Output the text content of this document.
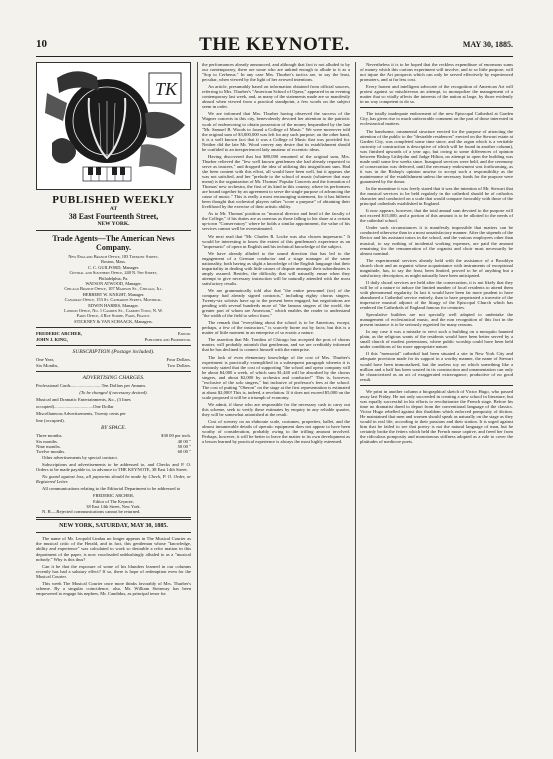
10	THE KEYNOTE.	MAY 30, 1885.
TK
PUBLISHED WEEKLY
AT
38 East Fourteenth Street,
NEW YORK.
Trade Agents—The American News Company.
New England Branch Office, 183 Tremont Street,
Boston, Mass.
C. C. GUILFORD, Manager.
Central and Southern Office, 240 N. 9th Street,
Philadelphia, Pa.
WATSON ATWOOD, Manager.
Chicago Branch Office, 107 Madison St., Chicago, Ill.
HERBERT W. KNIGHT, Manager.
Canadian Office, 153 St. Catharine Street, Montreal.
EDWIN HARRIS, Manager.
London Office, No. 1 Camden St., Camden Town, N. W.
Paris Office, 4 Rue Scribe, Paris, France.
STICKNEY & VAN SCHAACK, Managers.
FREDERIC ARCHER,	Editor.
JOHN J. KING,	Publisher and Proprietor.
SUBSCRIPTION (Postage included).
One Year,	Four Dollars.
Six Months,	Two Dollars.
ADVERTISING CHARGES.

Professional Cards...........................Ten Dollars per Annum.

(To be changed if necessary desired).

Musical and Dramatic Entertainments, &c., (3 lines

occupied)..................................One Dollar

Miscellaneous Advertisements, Twenty cents per

line (occupied).

BY SPACE.
Three months.	$30 00 per inch.
Six months.	40 00 "
Nine months.	50 00 "
Twelve months.	60 00 "

Other advertisements by special contract.

Subscriptions and advertisements to be addressed to, and Checks and P. O. Orders to be made payable to, in advance to THE KEYNOTE, 38 East 14th Street.

No guard against loss, all payments should be made by Check, P. O. Order, or Registered Letter.

All communications relating to the Editorial Department to be addressed to

FREDERIC ARCHER,
Editor of The Keynote,
38 East 14th Street, New York.

N. B.—Rejected communications cannot be returned.

NEW YORK, SATURDAY, MAY 30, 1885.

The name of Mr. Leopold Lindau no longer appears in The Musical Courier as the musical critic of the Herald, and in fact, this gentleman whose "knowledge, ability and experience" was calculated to work so desirable a refor mation in this department of the paper, is now vouchsafed unblushingly alluded to as a "musical nobody." Why is this thus?

Can it be that the exposure of some of his blunders learned in our columns recently has had a salutary effect? If so, there is hope of redemption even for the Musical Courier.

This week The Musical Courier once more thinks favorably of Mrs. Thurber's scheme. By a singular coincidence, also, Mr. William Steinway has been empowered to engage his nephew, Mr. Candidus, as principal tenor for

the performances already announced, and although that fact is not alluded to by our contemporary, there are some who are unkind enough to allude to it as a "Sop to Cerberus." In any case Mrs. Thurber's tactics are, to say the least, peculiar, when viewed by the light of her avowed intentions.

An article, presumably based on information obtained from official sources, referring to Mrs. Thurber's "American School of Opera," appeared in an evening contemporary last week, and, as many of the statements made are so manifestly absurd when viewed from a practical standpoint, a few words on the subject seem in order.

We are informed that Mrs. Thurber having observed the success of the Wagner concerts in this city, benevolently devoted her attention to the patriotic work of endeavoring to obtain possession of the money bequeathed by the late "Mr. Samuel B. Woods to found a College of Music." We were moreover told the original sum of $3,000,000 was left for any such purpose; on the other hand, it is a well known fact that it was a College of Music that was provided for. Neither did the late Mr. Wood convey any desire that its establishment should be confided to an inexperienced lady amateur of eccentric ideas.

Having discovered that but $80,000 remained of the original sum, Mrs. Thurber relieved the "few well known gentlemen she had already requested to serve as trustees," and dropped the idea of utilizing this insignificant sum. Had she been content with this effort, all would have been well, but it appears she was not satisfied, and her "prelude to the school of music (whatever that may mean) is the organization of Mr. Thomas' Popular Concerts and the formation of Thomas' new orchestra, the first of its kind in this country, where its performers are bound together by an agreement to serve the single purpose of advancing the cause of music." This is really a most encouraging statement, for it has hitherto been thought that orchestral players rather "score a purpose" of obtaining their livelihood by the exercise of their artistic ability.

As to Mr. Thomas' position as "musical director and head of the faculty of the College," if his duties are as onerous as those falling to his share at a certain up-town "Conservatory" where he holds a similar appointment, the value of his services cannot well be overestimated.

We next read that "Mr. Charles R. Locke was also chosen impresario." It would be interesting to know the extent of this gentleman's experience as an "impresario" of opera in English and his technical knowledge of the subject.

We have already alluded to the sound direction that has led to the engagement of a German conductor and a stage manager of the same nationality, both having as slight a knowledge of the English language that their impartiality in dealing with little causes of dispute amongst their subordinates is amply assured. Besides, the difficulty that will naturally ensue when they attempt to give necessary instruction will be naturally attended with the most satisfactory results.

We are grammatically told also that "the entire personnel (sic) of the company had already signed contracts," including eighty chorus singers. Twenty-six soloists have up to the present been engaged, but negotiations are pending with several hundreds more of "the famous singers of the world, the greater part of whom are American," which enables the reader to understand "the width of the field to select from."

The remark that "everything about the school is to be American, except, perhaps, a few of the instructors," is scarcely borne out by facts; but this is a matter of little moment in an enterprise of so erratic a nature.

The assertion that Mr. Tomlins of Chicago has accepted the post of chorus master, will probably astonish that gentleman, and we are creditably informed that he has declined to connect himself with the enterprise.

The lack of even elementary knowledge of the cost of Mrs. Thurber's experiment is practically exemplified in a subsequent paragraph wherein it is seriously stated that the cost of supporting "the school and opera company will be about $4,000 a week, of which sum $1,440 will be absorbed by the chorus singers, and about $2,000 by orchestra and conductor!" This is, however, "exclusive of the solo singers," but inclusive of professor's fees at the school. The cost of putting "Oberon" on the stage at the first representation is estimated at about $2,000! This is, indeed, a revelation. If it does not exceed $5,000 on the scale proposed it will be a triumph of economy.

We admit, if those who are responsible for the necessary cash to carry out this scheme, seek to verify these estimates by enquiry in any reliable quarter, they will be somewhat astonished at the result.

Cost of scenery on an elaborate scale, costumes, properties, ballet, and the almost innumerable details of operatic equipment does not appear to have been worthy of consideration, probably owing to the trifling amount involved. Perhaps, however, it will be better to leave the matter to its own development as a lesson learned by practical experience is always the most highly esteemed.

Nevertheless it is to be hoped that the reckless expenditure of enormous sums of money which this curious experiment will involve, and to so little purpose, will not injure the Art prospects which can only be served effectively by experienced promoters, and at far less cost.

Every honest and intelligent advocate of the recognition of American Art will protest against so mischievous an attempt, to monopolize the management of a matter that so vitally affects the interests of the nation at large, by those evidently in no way competent to do so.

The totally inadequate endowment of the new Episcopal Cathedral at Garden City, has given rise to much unfavorable comment on the part of those interested in ecclesiastical matters.

The handsome, ornamental structure erected for the purpose of attracting the attention of the public to the "desirable residences" erected on the Stewart estate at Garden City, was completed some time since, and the organ which is a veritable curiosity of construction is descriptive of which will be found in another column), was finished upwards of a year ago, but owing to some differences of opinion between Bishop Littlejohn and Judge Hilton, no attempt to open the building was made until some few weeks since. Inaugural services were held, and the ceremony of consecration was deferred, until the necessary endowment was forthcoming, as it was in the Bishop's opinion unwise to accept such a responsibility as the maintenance of the establishment unless the necessary funds for the purpose were guaranteed by the donor.

In the meantime it was freely stated that it was the intention of Mr. Stewart that the musical services to be held regularly in the cathedral should be of orthodox character and conducted on a scale that would compare favorably with those of the principal cathedrals established in England.

It now appears, however, that the total annual sum devoted to the purpose will not exceed $15,000, and a portion of this amount is to be allotted to the needs of the cathedral school.

Under such circumstances it is manifestly impossible that matters can be conducted otherwise than in a most unsatisfactory manner. After the stipends of the Rector and his assistant tutors in the school, and the various employees other than musical, to say nothing of incidental working expenses, are paid the amount remaining for the remuneration of the organist and choir must necessarily be almost nominal.

The experimental services already held with the assistance of a Brooklyn church choir and an organist whose acquaintance with instruments of exceptional magnitude, has, to say the least, been limited, proved to be of anything but a satisfactory description, as might naturally have been anticipated.

If daily choral services are held after the consecration, it is not likely that they will be of a nature to induce the limited number of local residents to attend them with phenomenal regularity. In fact it would have been far more prudent to have abandoned a Cathedral service entirely, than to have perpetrated a travestie of the impressive musical adjunct of the liturgy of the Episcopal Church which has rendered the Cathedrals of England famous for centuries.

Speculative builders are not specially well adapted to undertake the management of ecclesiastical music, and the non recognition of this fact in the present instance is to be seriously regretted for many reasons.

In any case it was a mistake to erect such a building on a mosquito haunted plain, as the religious wants of the residents would have been better served by a small church of modest pretensions, where public worship could have been held under conditions of far more appropriate nature.

If this "memorial" cathedral had been situated a site in New York City and adequate provision made for its support in a worthy manner, the name of Stewart would have been immortalized, but the useless toy on which something like a million and a half has been wasted in its construction and ornamentation can only be characterized as an act of exaggerated extravagance, productive of no good result.

We print in another column a biographical sketch of Victor Hugo, who passed away last Friday. He not only succeeded in creating a new school in literature, but was equally successful in his efforts to revolutionize the French stage. Before his time no dramatist dared to depart from the conventional language of the classics. Victor Hugo rebelled against this thraldom which enforced pomposity of diction. He maintained that men and women should speak as naturally on the stage as they would in real life, according to their passions and their station. It is urged against him that he failed to see that poetry is not the natural language of man, but he certainly broke the fetters which held the French muse captive, and freed her from the ridiculous pomposity and monotonous stiffness adopted as a rule to cover the platitudes of mediocre poets.
